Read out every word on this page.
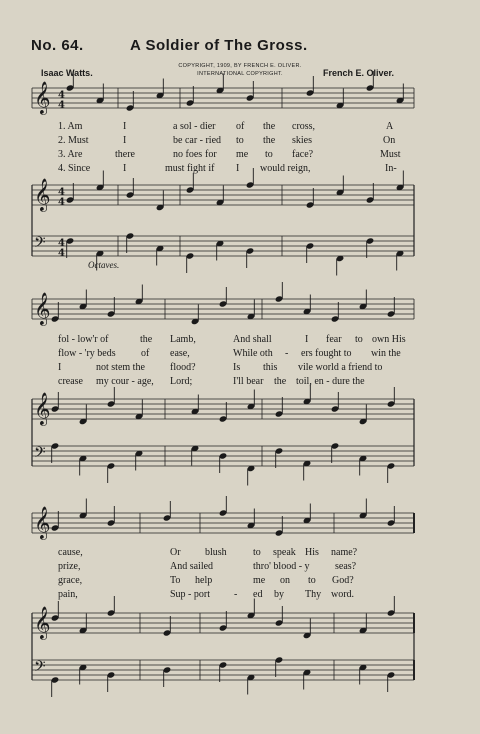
No. 64.	A Soldier of The Gross.
Isaac Watts.
COPYRIGHT, 1909, BY FRENCH E. OLIVER.
INTERNATIONAL COPYRIGHT.	French E. Oliver.
𝄞 4
4
𝄞 4
4
𝄢 4
4
𝄞
𝄞
𝄢
𝄞
𝄞
𝄢
1. Am	I	a sol - dier of the cross,	A
2. Must	I	be car - ried to the skies	On
3. Are	there	no foes for me to face?	Must
4. Since	I	must fight if I would reign,	In-
Octaves.
fol - low'r of	the Lamb,	And shall	I fear to own His
flow - 'ry beds	of ease,	While oth - ers fought to win the
I	not stem the	flood?	Is this vile world a friend to
crease my cour - age, Lord;	I'll bear the toil, en - dure the
cause,	Or blush	to speak His name?
prize,	And sailed	thro' blood - y	seas?
grace,	To help	me on to God?
pain,	Sup - port - ed by Thy word.
